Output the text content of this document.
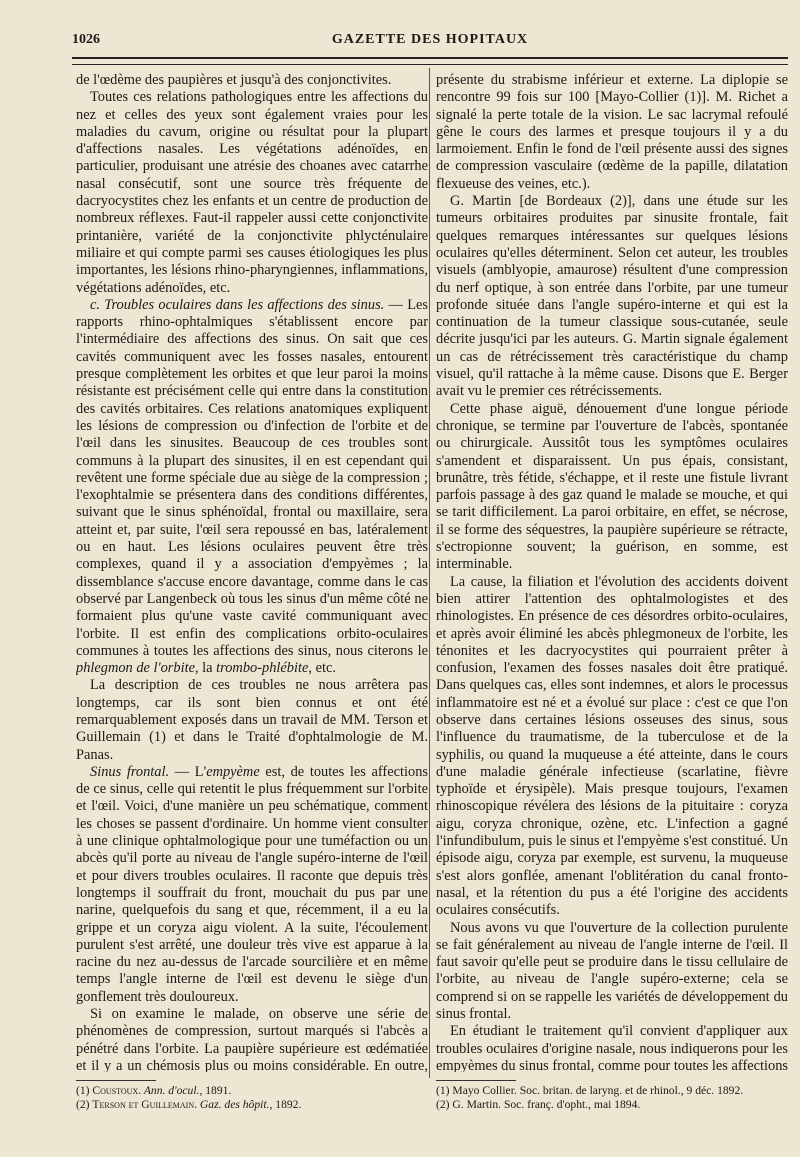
1026	GAZETTE DES HOPITAUX

de l'œdème des paupières et jusqu'à des conjonctivites.

Toutes ces relations pathologiques entre les affections du nez et celles des yeux sont également vraies pour les maladies du cavum, origine ou résultat pour la plupart d'affections nasales. Les végétations adénoïdes, en particulier, produisant une atrésie des choanes avec catarrhe nasal consécutif, sont une source très fréquente de dacryocystites chez les enfants et un centre de production de nombreux réflexes. Faut-il rappeler aussi cette conjonctivite printanière, variété de la conjonctivite phlycténulaire miliaire et qui compte parmi ses causes étiologiques les plus importantes, les lésions rhino-pharyngiennes, inflammations, végétations adénoïdes, etc.

c. Troubles oculaires dans les affections des sinus. — Les rapports rhino-ophtalmiques s'établissent encore par l'intermédiaire des affections des sinus. On sait que ces cavités communiquent avec les fosses nasales, entourent presque complètement les orbites et que leur paroi la moins résistante est précisément celle qui entre dans la constitution des cavités orbitaires. Ces relations anatomiques expliquent les lésions de compression ou d'infection de l'orbite et de l'œil dans les sinusites. Beaucoup de ces troubles sont communs à la plupart des sinusites, il en est cependant qui revêtent une forme spéciale due au siège de la compression ; l'exophtalmie se présentera dans des conditions différentes, suivant que le sinus sphénoïdal, frontal ou maxillaire, sera atteint et, par suite, l'œil sera repoussé en bas, latéralement ou en haut. Les lésions oculaires peuvent être très complexes, quand il y a association d'empyèmes ; la dissemblance s'accuse encore davantage, comme dans le cas observé par Langenbeck où tous les sinus d'un même côté ne formaient plus qu'une vaste cavité communiquant avec l'orbite. Il est enfin des complications orbito-oculaires communes à toutes les affections des sinus, nous citerons le phlegmon de l'orbite, la trombo-phlébite, etc.

La description de ces troubles ne nous arrêtera pas longtemps, car ils sont bien connus et ont été remarquablement exposés dans un travail de MM. Terson et Guillemain (1) et dans le Traité d'ophtalmologie de M. Panas.

Sinus frontal. — L'empyème est, de toutes les affections de ce sinus, celle qui retentit le plus fréquemment sur l'orbite et l'œil. Voici, d'une manière un peu schématique, comment les choses se passent d'ordinaire. Un homme vient consulter à une clinique ophtalmologique pour une tuméfaction ou un abcès qu'il porte au niveau de l'angle supéro-interne de l'œil et pour divers troubles oculaires. Il raconte que depuis très longtemps il souffrait du front, mouchait du pus par une narine, quelquefois du sang et que, récemment, il a eu la grippe et un coryza aigu violent. A la suite, l'écoulement purulent s'est arrêté, une douleur très vive est apparue à la racine du nez au-dessus de l'arcade sourcilière et en même temps l'angle interne de l'œil est devenu le siège d'un gonflement très douloureux.

Si on examine le malade, on observe une série de phénomènes de compression, surtout marqués si l'abcès a pénétré dans l'orbite. La paupière supérieure est œdématiée et il y a un chémosis plus ou moins considérable. En outre,

présente du strabisme inférieur et externe. La diplopie se rencontre 99 fois sur 100 [Mayo-Collier (1)]. M. Richet a signalé la perte totale de la vision. Le sac lacrymal refoulé gêne le cours des larmes et presque toujours il y a du larmoiement. Enfin le fond de l'œil présente aussi des signes de compression vasculaire (œdème de la papille, dilatation flexueuse des veines, etc.).

G. Martin [de Bordeaux (2)], dans une étude sur les tumeurs orbitaires produites par sinusite frontale, fait quelques remarques intéressantes sur quelques lésions oculaires qu'elles déterminent. Selon cet auteur, les troubles visuels (amblyopie, amaurose) résultent d'une compression du nerf optique, à son entrée dans l'orbite, par une tumeur profonde située dans l'angle supéro-interne et qui est la continuation de la tumeur classique sous-cutanée, seule décrite jusqu'ici par les auteurs. G. Martin signale également un cas de rétrécissement très caractéristique du champ visuel, qu'il rattache à la même cause. Disons que E. Berger avait vu le premier ces rétrécissements.

Cette phase aiguë, dénouement d'une longue période chronique, se termine par l'ouverture de l'abcès, spontanée ou chirurgicale. Aussitôt tous les symptômes oculaires s'amendent et disparaissent. Un pus épais, consistant, brunâtre, très fétide, s'échappe, et il reste une fistule livrant parfois passage à des gaz quand le malade se mouche, et qui se tarit difficilement. La paroi orbitaire, en effet, se nécrose, il se forme des séquestres, la paupière supérieure se rétracte, s'ectropionne souvent; la guérison, en somme, est interminable.

La cause, la filiation et l'évolution des accidents doivent bien attirer l'attention des ophtalmologistes et des rhinologistes. En présence de ces désordres orbito-oculaires, et après avoir éliminé les abcès phlegmoneux de l'orbite, les ténonites et les dacryocystites qui pourraient prêter à confusion, l'examen des fosses nasales doit être pratiqué. Dans quelques cas, elles sont indemnes, et alors le processus inflammatoire est né et a évolué sur place : c'est ce que l'on observe dans certaines lésions osseuses des sinus, sous l'influence du traumatisme, de la tuberculose et de la syphilis, ou quand la muqueuse a été atteinte, dans le cours d'une maladie générale infectieuse (scarlatine, fièvre typhoïde et érysipèle). Mais presque toujours, l'examen rhinoscopique révélera des lésions de la pituitaire : coryza aigu, coryza chronique, ozène, etc. L'infection a gagné l'infundibulum, puis le sinus et l'empyème s'est constitué. Un épisode aigu, coryza par exemple, est survenu, la muqueuse s'est alors gonflée, amenant l'oblitération du canal fronto-nasal, et la rétention du pus a été l'origine des accidents oculaires consécutifs.

Nous avons vu que l'ouverture de la collection purulente se fait généralement au niveau de l'angle interne de l'œil. Il faut savoir qu'elle peut se produire dans le tissu cellulaire de l'orbite, au niveau de l'angle supéro-externe; cela se comprend si on se rappelle les variétés de développement du sinus frontal.

En étudiant le traitement qu'il convient d'appliquer aux troubles oculaires d'origine nasale, nous indiquerons pour les empyèmes du sinus frontal, comme pour toutes les affections

(1) Coustoux. Ann. d'ocul., 1891.
(2) Terson et Guillemain. Gaz. des hôpit., 1892.
(1) Mayo Collier. Soc. britan. de laryng. et de rhinol., 9 déc. 1892.
(2) G. Martin. Soc. franç. d'opht., mai 1894.
